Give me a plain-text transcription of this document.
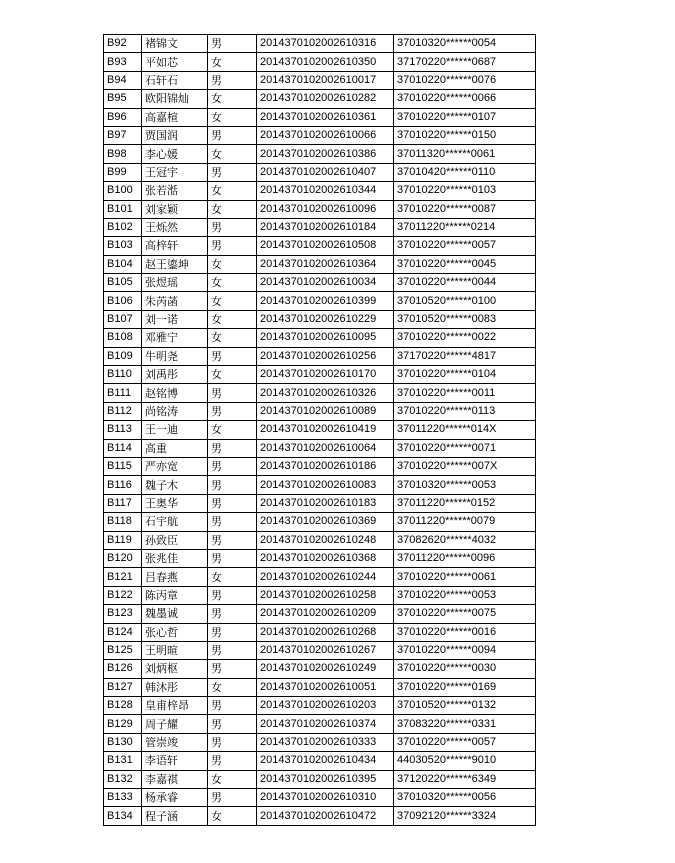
B92	褚锦文	男	2014370102002610316	37010320******0054
B93	平如芯	女	2014370102002610350	37170220******0687
B94	石轩石	男	2014370102002610017	37010220******0076
B95	欧阳锦灿	女	2014370102002610282	37010220******0066
B96	高嘉楦	女	2014370102002610361	37010220******0107
B97	贾国润	男	2014370102002610066	37010220******0150
B98	李心媛	女	2014370102002610386	37011320******0061
B99	王冠宇	男	2014370102002610407	37010420******0110
B100	张若湉	女	2014370102002610344	37010220******0103
B101	刘家颖	女	2014370102002610096	37010220******0087
B102	王烁然	男	2014370102002610184	37011220******0214
B103	高梓轩	男	2014370102002610508	37010220******0057
B104	赵王鎏坤	女	2014370102002610364	37010220******0045
B105	张煜瑶	女	2014370102002610034	37010220******0044
B106	朱芮菡	女	2014370102002610399	37010520******0100
B107	刘一诺	女	2014370102002610229	37010520******0083
B108	邓雅宁	女	2014370102002610095	37010220******0022
B109	牛明尧	男	2014370102002610256	37170220******4817
B110	刘禹彤	女	2014370102002610170	37010220******0104
B111	赵铭博	男	2014370102002610326	37010220******0011
B112	尚铭涛	男	2014370102002610089	37010220******0113
B113	王一迪	女	2014370102002610419	37011220******014X
B114	高重	男	2014370102002610064	37010220******0071
B115	严亦宽	男	2014370102002610186	37010220******007X
B116	魏子木	男	2014370102002610083	37010320******0053
B117	王奥华	男	2014370102002610183	37011220******0152
B118	石宇航	男	2014370102002610369	37011220******0079
B119	孙致臣	男	2014370102002610248	37082620******4032
B120	张兆佳	男	2014370102002610368	37011220******0096
B121	吕春燕	女	2014370102002610244	37010220******0061
B122	陈丙章	男	2014370102002610258	37010220******0053
B123	魏墨诚	男	2014370102002610209	37010220******0075
B124	张心哲	男	2014370102002610268	37010220******0016
B125	王明暄	男	2014370102002610267	37010220******0094
B126	刘炳枢	男	2014370102002610249	37010220******0030
B127	韩沐彤	女	2014370102002610051	37010220******0169
B128	皇甫梓昂	男	2014370102002610203	37010520******0132
B129	周子耀	男	2014370102002610374	37083220******0331
B130	管崇竣	男	2014370102002610333	37010220******0057
B131	李语轩	男	2014370102002610434	44030520******9010
B132	李嘉祺	女	2014370102002610395	37120220******6349
B133	杨承睿	男	2014370102002610310	37010320******0056
B134	程子涵	女	2014370102002610472	37092120******3324
